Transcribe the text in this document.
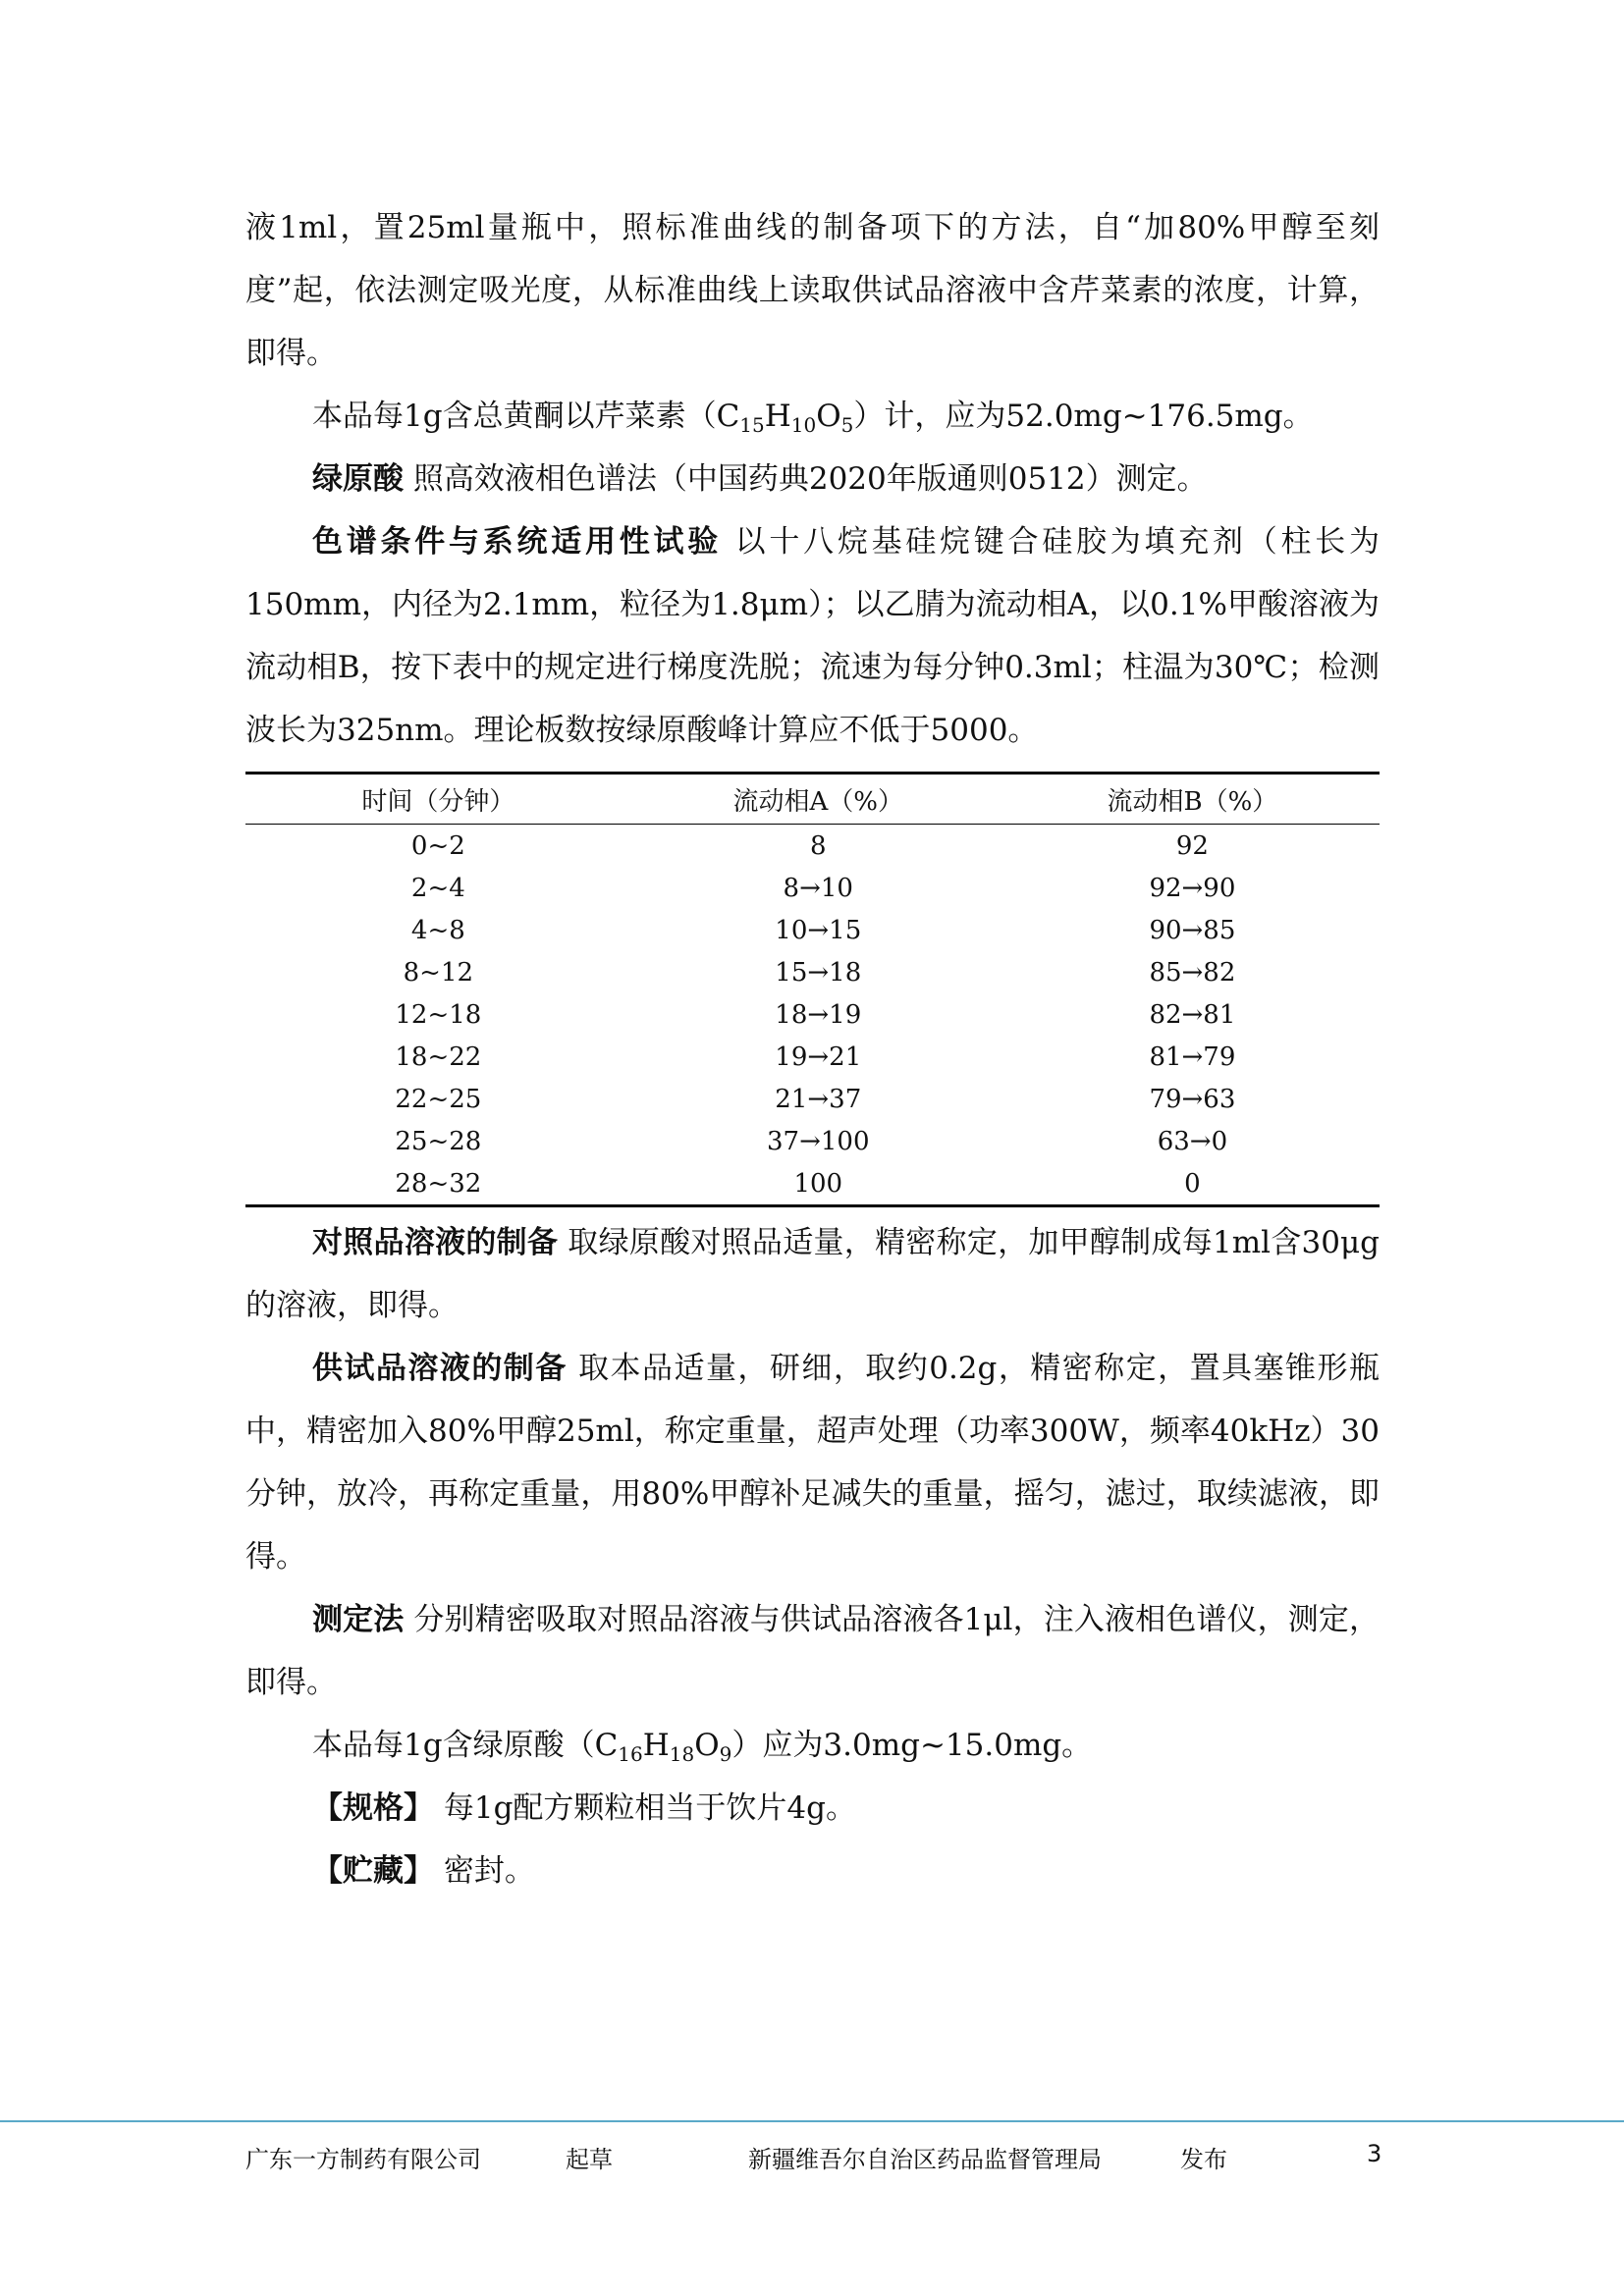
液1ml，置25ml量瓶中，照标准曲线的制备项下的方法，自“加80%甲醇至刻度”起，依法测定吸光度，从标准曲线上读取供试品溶液中含芹菜素的浓度，计算，即得。

本品每1g含总黄酮以芹菜素$(C_{15}H_{10}O_5)$计，应为52.0mg~176.5mg。

绿原酸 照高效液相色谱法（中国药典2020年版通则0512）测定。

色谱条件与系统适用性试验 以十八烷基硅烷键合硅胶为填充剂（柱长为150mm，内径为2.1mm，粒径为1.8μm）；以乙腈为流动相A，以0.1%甲酸溶液为流动相B，按下表中的规定进行梯度洗脱；流速为每分钟0.3ml；柱温为30℃；检测波长为325nm。理论板数按绿原酸峰计算应不低于5000。

时间（分钟）	流动相A（%）	流动相B（%）
0~2	8	92
2~4	8→10	92→90
4~8	10→15	90→85
8~12	15→18	85→82
12~18	18→19	82→81
18~22	19→21	81→79
22~25	21→37	79→63
25~28	37→100	63→0
28~32	100	0

对照品溶液的制备 取绿原酸对照品适量，精密称定，加甲醇制成每1ml含30μg的溶液，即得。

供试品溶液的制备 取本品适量，研细，取约0.2g，精密称定，置具塞锥形瓶中，精密加入80%甲醇25ml，称定重量，超声处理（功率300W，频率40kHz）30分钟，放冷，再称定重量，用80%甲醇补足减失的重量，摇匀，滤过，取续滤液，即得。

测定法 分别精密吸取对照品溶液与供试品溶液各1μl，注入液相色谱仪，测定，即得。

本品每1g含绿原酸$(C_{16}H_{18}O_9)$应为3.0mg~15.0mg。

【规格】 每1g配方颗粒相当于饮片4g。

【贮藏】 密封。

广东一方制药有限公司	起草	新疆维吾尔自治区药品监督管理局	发布	3
